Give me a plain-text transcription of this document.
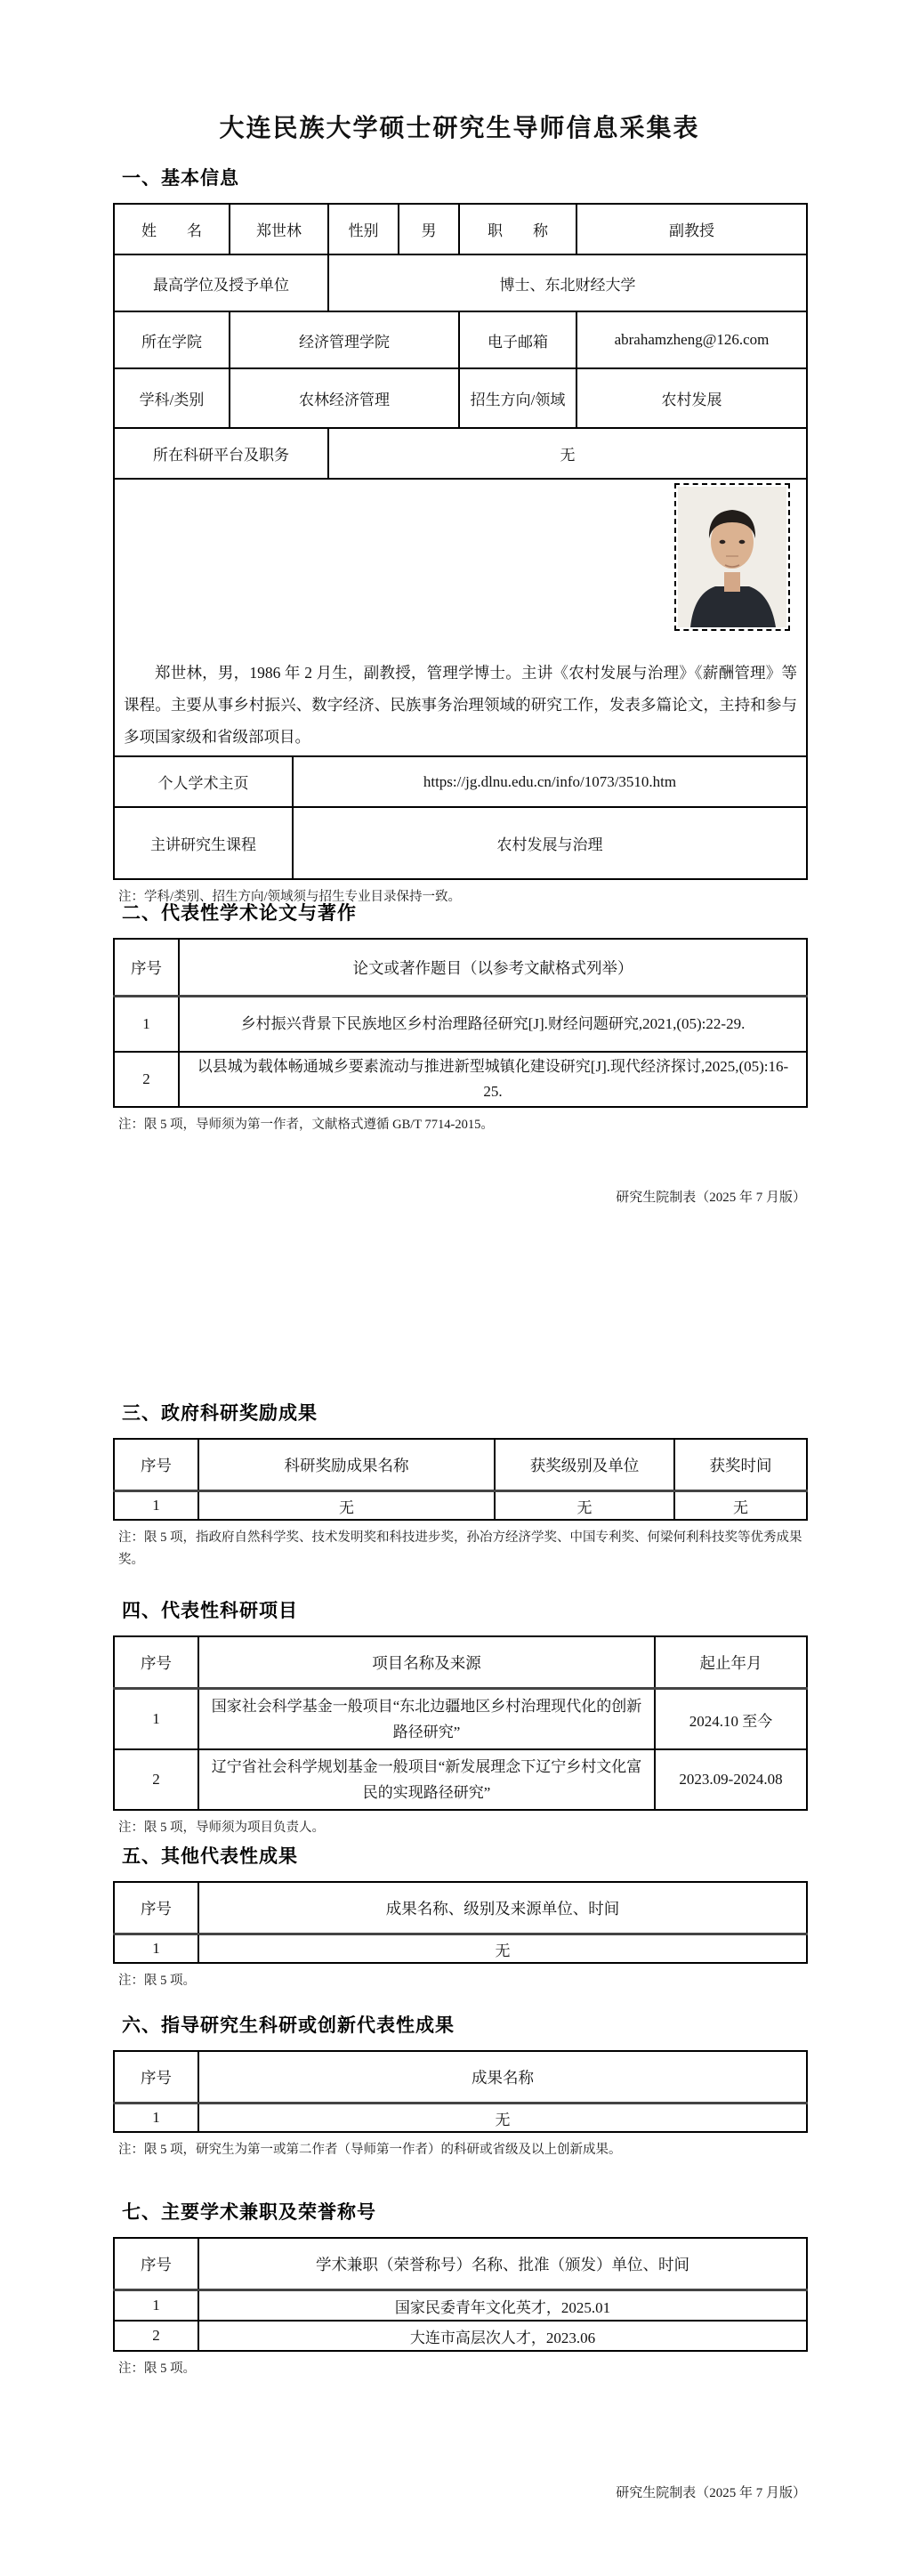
大连民族大学硕士研究生导师信息采集表
一、基本信息
姓　　名	郑世林	性别	男	职　　称	副教授
最高学位及授予单位	博士、东北财经大学
所在学院	经济管理学院	电子邮箱	abrahamzheng@126.com
学科/类别	农林经济管理	招生方向/领域	农村发展
所在科研平台及职务	无

郑世林，男，1986 年 2 月生，副教授，管理学博士。主讲《农村发展与治理》《薪酬管理》等课程。主要从事乡村振兴、数字经济、民族事务治理领域的研究工作，发表多篇论文，主持和参与多项国家级和省级部项目。

个人学术主页	https://jg.dlnu.edu.cn/info/1073/3510.htm
主讲研究生课程	农村发展与治理
注：学科/类别、招生方向/领域须与招生专业目录保持一致。
二、代表性学术论文与著作
序号	论文或著作题目（以参考文献格式列举）
1	乡村振兴背景下民族地区乡村治理路径研究[J].财经问题研究,2021,(05):22-29.
2	以县城为载体畅通城乡要素流动与推进新型城镇化建设研究[J].现代经济探讨,2025,(05):16-25.
注：限 5 项，导师须为第一作者，文献格式遵循 GB/T 7714-2015。
研究生院制表（2025 年 7 月版）
三、政府科研奖励成果
序号	科研奖励成果名称	获奖级别及单位	获奖时间
1	无	无	无
注：限 5 项，指政府自然科学奖、技术发明奖和科技进步奖，孙冶方经济学奖、中国专利奖、何梁何利科技奖等优秀成果奖。
四、代表性科研项目
序号	项目名称及来源	起止年月
1	国家社会科学基金一般项目“东北边疆地区乡村治理现代化的创新路径研究”	2024.10 至今
2	辽宁省社会科学规划基金一般项目“新发展理念下辽宁乡村文化富民的实现路径研究”	2023.09-2024.08
注：限 5 项，导师须为项目负责人。
五、其他代表性成果
序号	成果名称、级别及来源单位、时间
1	无
注：限 5 项。
六、指导研究生科研或创新代表性成果
序号	成果名称
1	无
注：限 5 项，研究生为第一或第二作者（导师第一作者）的科研或省级及以上创新成果。
七、主要学术兼职及荣誉称号
序号	学术兼职（荣誉称号）名称、批准（颁发）单位、时间
1	国家民委青年文化英才，2025.01
2	大连市高层次人才，2023.06
注：限 5 项。
研究生院制表（2025 年 7 月版）
